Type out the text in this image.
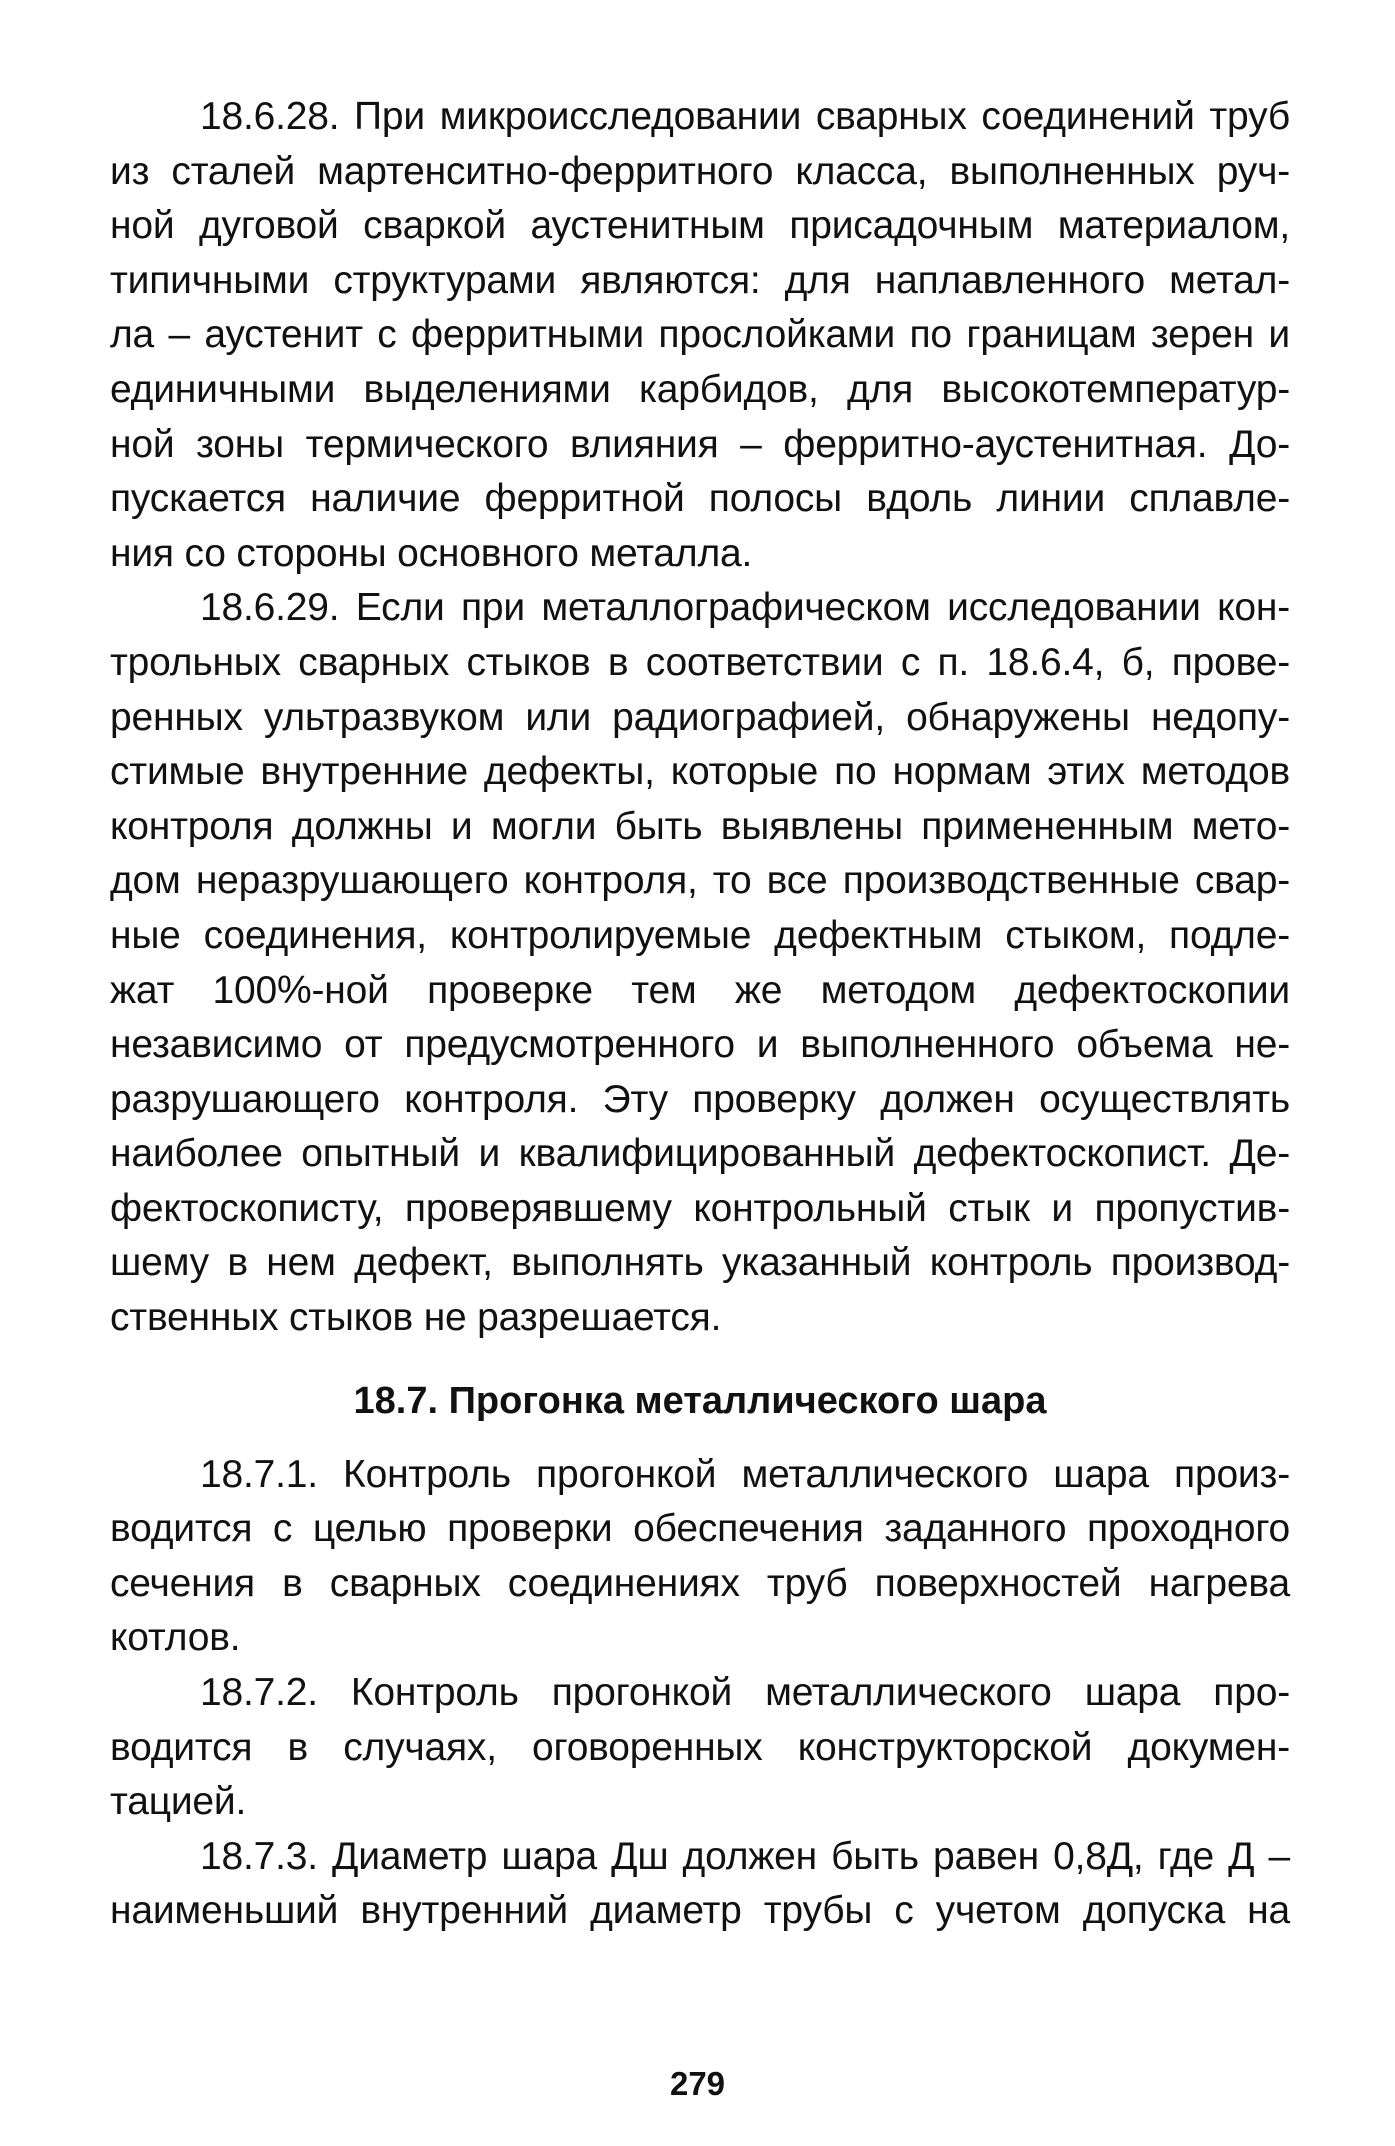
18.6.28. При микроисследовании сварных соединений труб
из сталей мартенситно-ферритного класса, выполненных руч-
ной дуговой сваркой аустенитным присадочным материалом,
типичными структурами являются: для наплавленного метал-
ла – аустенит с ферритными прослойками по границам зерен и
единичными выделениями карбидов, для высокотемператур-
ной зоны термического влияния – ферритно-аустенитная. До-
пускается наличие ферритной полосы вдоль линии сплавле-
ния со стороны основного металла.

18.6.29. Если при металлографическом исследовании кон-
трольных сварных стыков в соответствии с п. 18.6.4, б, прове-
ренных ультразвуком или радиографией, обнаружены недопу-
стимые внутренние дефекты, которые по нормам этих методов
контроля должны и могли быть выявлены примененным мето-
дом неразрушающего контроля, то все производственные свар-
ные соединения, контролируемые дефектным стыком, подле-
жат 100%-ной проверке тем же методом дефектоскопии
независимо от предусмотренного и выполненного объема не-
разрушающего контроля. Эту проверку должен осуществлять
наиболее опытный и квалифицированный дефектоскопист. Де-
фектоскописту, проверявшему контрольный стык и пропустив-
шему в нем дефект, выполнять указанный контроль производ-
ственных стыков не разрешается.

18.7. Прогонка металлического шара

18.7.1. Контроль прогонкой металлического шара произ-
водится с целью проверки обеспечения заданного проходного
сечения в сварных соединениях труб поверхностей нагрева
котлов.

18.7.2. Контроль прогонкой металлического шара про-
водится в случаях, оговоренных конструкторской докумен-
тацией.

18.7.3. Диаметр шара Дш должен быть равен 0,8Д, где Д –
наименьший внутренний диаметр трубы с учетом допуска на

279
